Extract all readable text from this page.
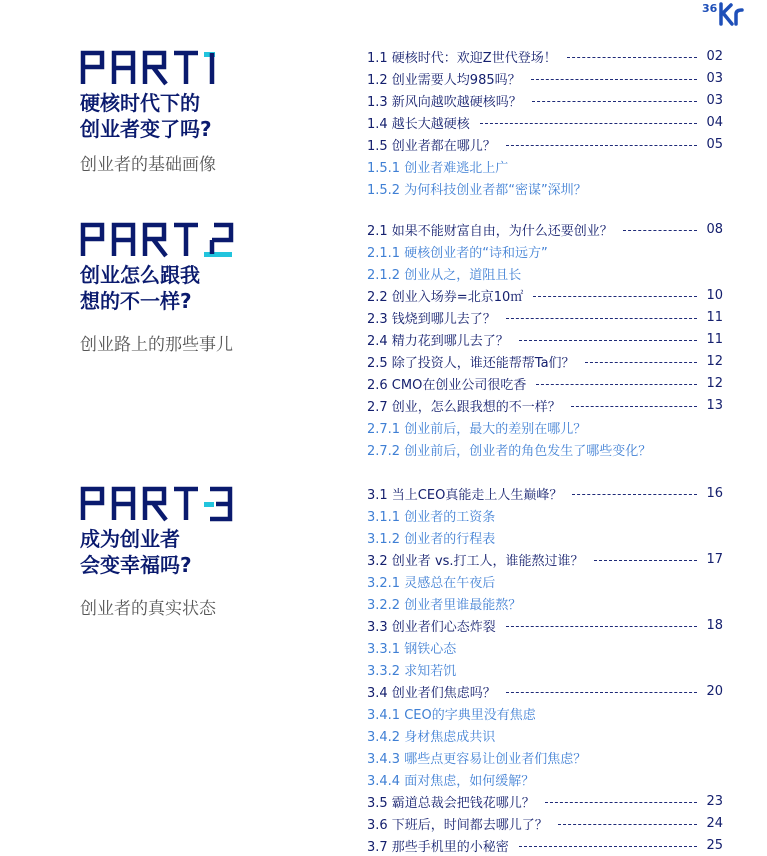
36
硬核时代下的
创业者变了吗?
创业者的基础画像
创业怎么跟我
想的不一样?
创业路上的那些事儿
成为创业者
会变幸福吗?
创业者的真实状态
1.1 硬核时代：欢迎Z世代登场！	02
1.2 创业需要人均985吗？	03
1.3 新风向越吹越硬核吗？	03
1.4 越长大越硬核	04
1.5 创业者都在哪儿？	05
1.5.1 创业者难逃北上广
1.5.2 为何科技创业者都“密谋”深圳？
2.1 如果不能财富自由，为什么还要创业？	08
2.1.1 硬核创业者的“诗和远方”
2.1.2 创业从之，道阻且长
2.2 创业入场券=北京10㎡	10
2.3 钱烧到哪儿去了？	11
2.4 精力花到哪儿去了？	11
2.5 除了投资人，谁还能帮帮Ta们？	12
2.6 CMO在创业公司很吃香	12
2.7 创业，怎么跟我想的不一样？	13
2.7.1 创业前后，最大的差别在哪儿？
2.7.2 创业前后，创业者的角色发生了哪些变化？
3.1 当上CEO真能走上人生巅峰？	16
3.1.1 创业者的工资条
3.1.2 创业者的行程表
3.2 创业者 vs.打工人，谁能熬过谁？	17
3.2.1 灵感总在午夜后
3.2.2 创业者里谁最能熬？
3.3 创业者们心态炸裂	18
3.3.1 钢铁心态
3.3.2 求知若饥
3.4 创业者们焦虑吗？	20
3.4.1 CEO的字典里没有焦虑
3.4.2 身材焦虑成共识
3.4.3 哪些点更容易让创业者们焦虑？
3.4.4 面对焦虑，如何缓解？
3.5 霸道总裁会把钱花哪儿？	23
3.6 下班后，时间都去哪儿了？	24
3.7 那些手机里的小秘密	25
